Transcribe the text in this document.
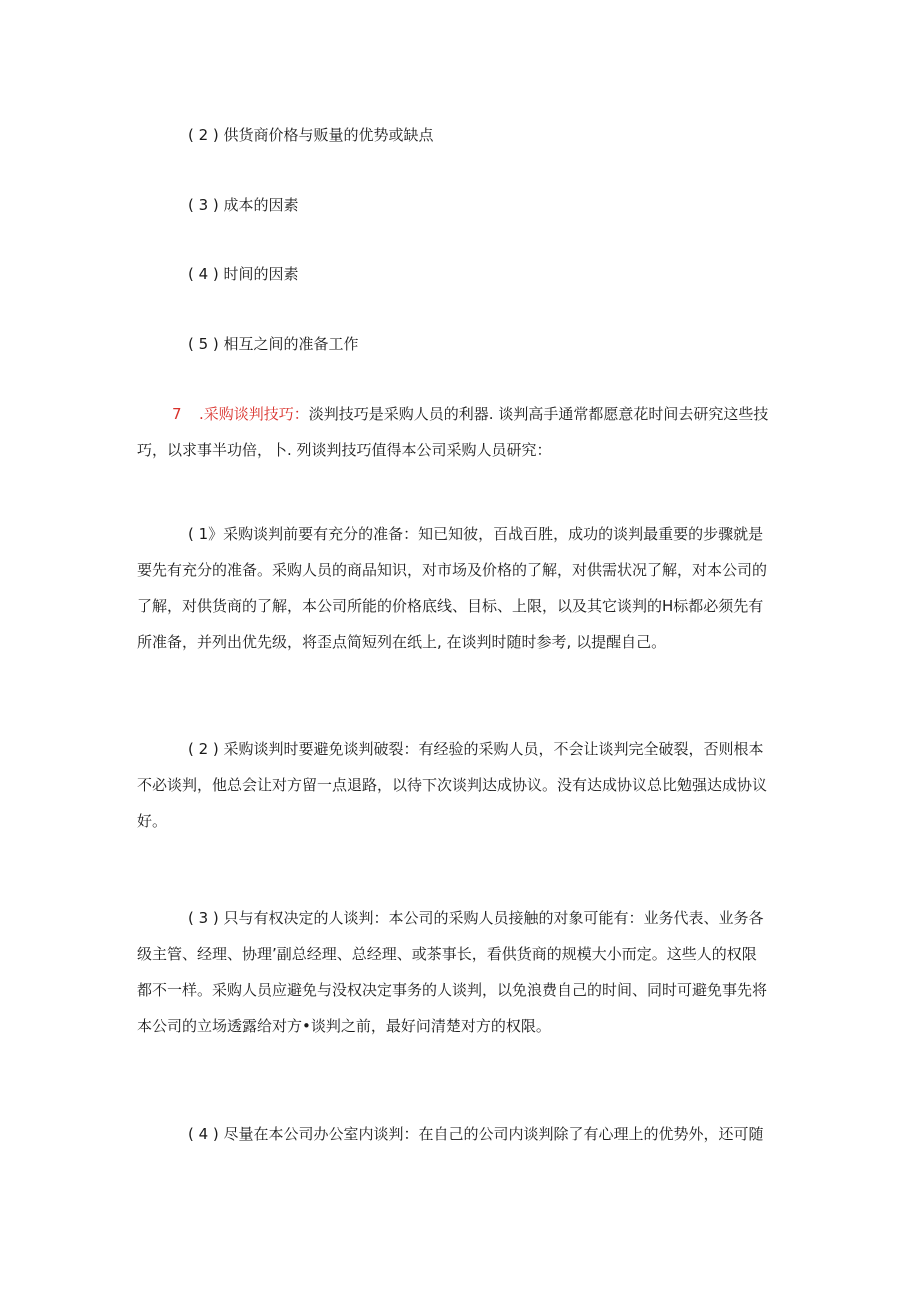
( 2 ) 供货商价格与贩量的优势或缺点
( 3 ) 成本的因素
( 4 ) 时间的因素
( 5 ) 相互之间的准备工作
7 .采购谈判技巧：淡判技巧是采购人员的利器. 谈判高手通常都愿意花时间去研究这些技
巧，以求事半功倍，卜. 列谈判技巧值得本公司采购人员研究：
( 1》采购谈判前要有充分的准备：知已知彼，百战百胜，成功的谈判最重要的步骤就是
要先有充分的准备。采购人员的商品知识，对市场及价格的了解，对供需状况了解，对本公司的
了解，对供货商的了解，本公司所能的价格底线、目标、上限，以及其它谈判的H标都必须先有
所准备，并列出优先级，将歪点简短列在纸上, 在谈判时随时参考, 以提醒自己。
( 2 ) 采购谈判时要避免谈判破裂：有经验的采购人员，不会让谈判完全破裂，否则根本
不必谈判，他总会让对方留一点退路，以待下次谈判达成协议。没有达成协议总比勉强达成协议
好。
( 3 ) 只与有权决定的人谈判：本公司的采购人员接触的对象可能有：业务代表、业务各
级主管、经理、协理’副总经理、总经理、或茶事长，看供货商的规模大小而定。这些人的权限
都不一样。采购人员应避免与没权决定事务的人谈判，以免浪费自己的时间、同时可避免事先将
本公司的立场透露给对方•谈判之前，最好问清楚对方的权限。
( 4 ) 尽量在本公司办公室内谈判：在自己的公司内谈判除了有心理上的优势外，还可随
